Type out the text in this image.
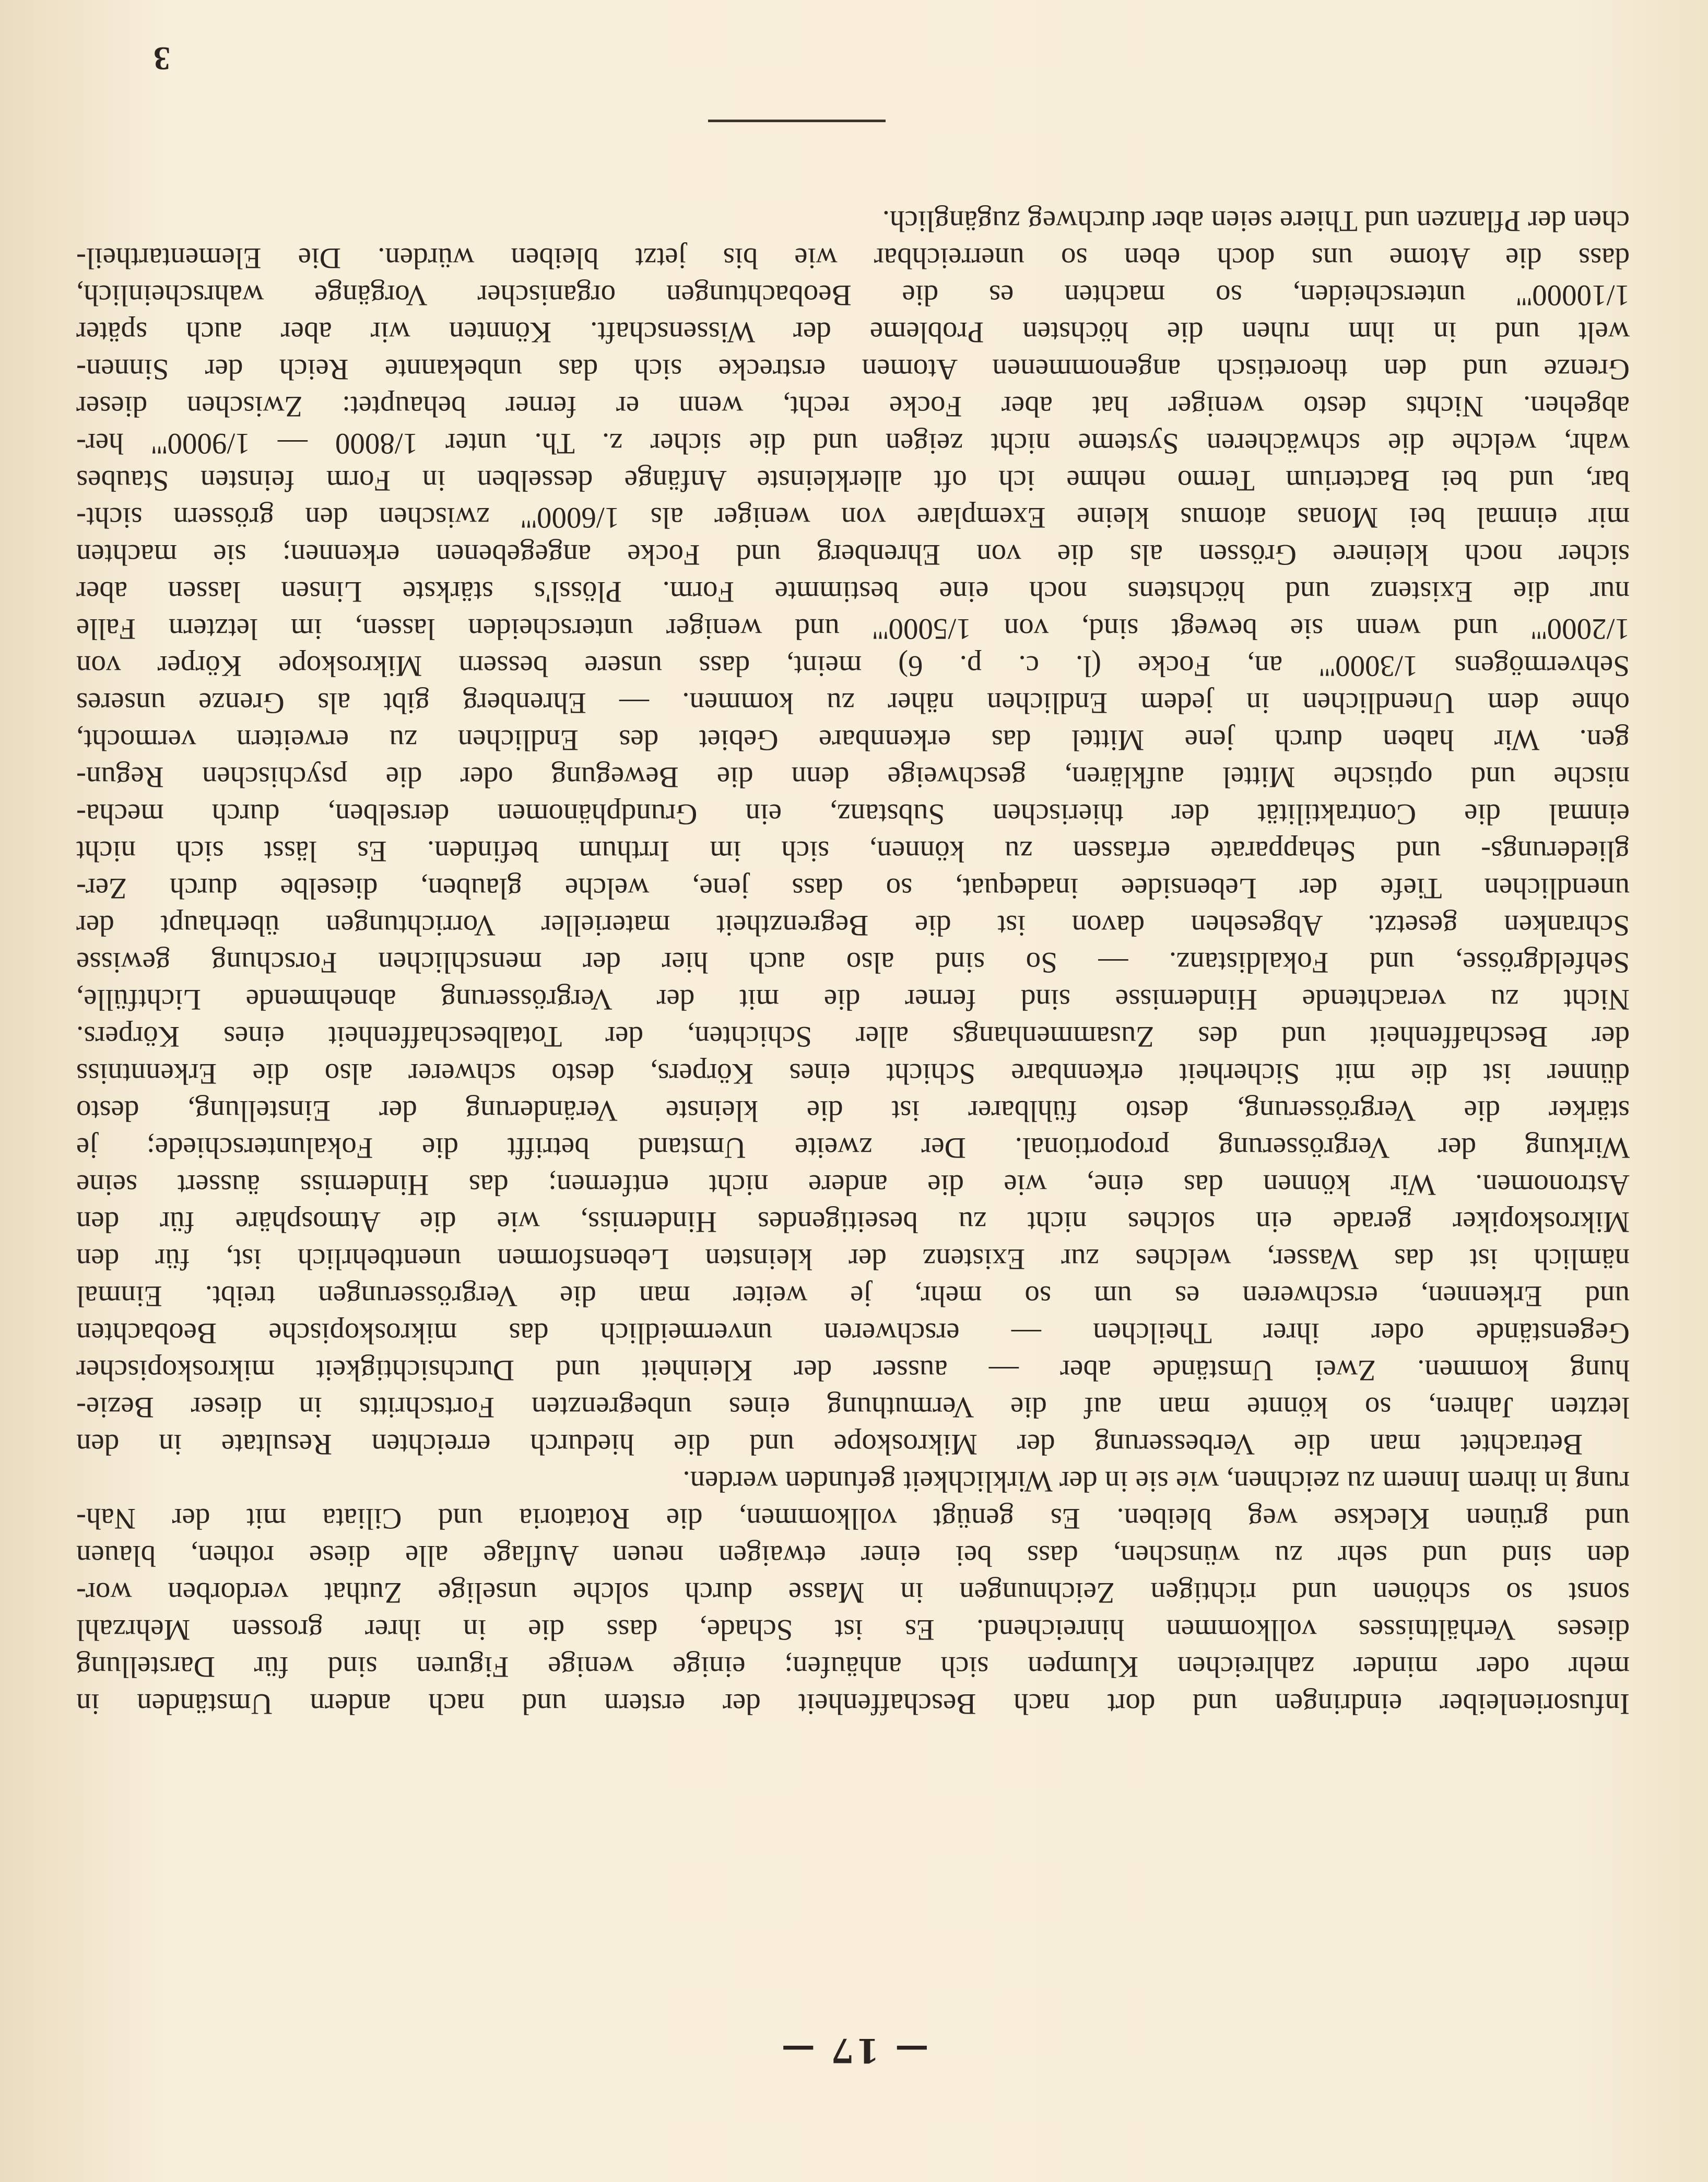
— 17 —
Infusorienleiber eindringen und dort nach Beschaffenheit der erstern und nach andern Umständen in
mehr oder minder zahlreichen Klumpen sich anhäufen; einige wenige Figuren sind für Darstellung
dieses Verhältnisses vollkommen hinreichend. Es ist Schade, dass die in ihrer grossen Mehrzahl
sonst so schönen und richtigen Zeichnungen in Masse durch solche unselige Zuthat verdorben wor-
den sind und sehr zu wünschen, dass bei einer etwaigen neuen Auflage alle diese rothen, blauen
und grünen Kleckse weg bleiben. Es genügt vollkommen, die Rotatoria und Ciliata mit der Nah-
rung in ihrem Innern zu zeichnen, wie sie in der Wirklichkeit gefunden werden.
Betrachtet man die Verbesserung der Mikroskope und die hiedurch erreichten Resultate in den
letzten Jahren, so könnte man auf die Vermuthung eines unbegrenzten Fortschritts in dieser Bezie-
hung kommen. Zwei Umstände aber — ausser der Kleinheit und Durchsichtigkeit mikroskopischer
Gegenstände oder ihrer Theilchen — erschweren unvermeidlich das mikroskopische Beobachten
und Erkennen, erschweren es um so mehr, je weiter man die Vergrösserungen treibt. Einmal
nämlich ist das Wasser, welches zur Existenz der kleinsten Lebensformen unentbehrlich ist, für den
Mikroskopiker gerade ein solches nicht zu beseitigendes Hinderniss, wie die Atmosphäre für den
Astronomen. Wir können das eine, wie die andere nicht entfernen; das Hinderniss äussert seine
Wirkung der Vergrösserung proportional. Der zweite Umstand betrifft die Fokalunterschiede; je
stärker die Vergrösserung, desto fühlbarer ist die kleinste Veränderung der Einstellung, desto
dünner ist die mit Sicherheit erkennbare Schicht eines Körpers, desto schwerer also die Erkenntniss
der Beschaffenheit und des Zusammenhangs aller Schichten, der Totalbeschaffenheit eines Körpers.
Nicht zu verachtende Hindernisse sind ferner die mit der Vergrösserung abnehmende Lichtfülle,
Sehfeldgrösse, und Fokaldistanz. — So sind also auch hier der menschlichen Forschung gewisse
Schranken gesetzt. Abgesehen davon ist die Begrenztheit materieller Vorrichtungen überhaupt der
unendlichen Tiefe der Lebensidee inadequat, so dass jene, welche glauben, dieselbe durch Zer-
gliederungs- und Sehapparate erfassen zu können, sich im Irrthum befinden. Es lässt sich nicht
einmal die Contraktilität der thierischen Substanz, ein Grundphänomen derselben, durch mecha-
nische und optische Mittel aufklären, geschweige denn die Bewegung oder die psychischen Regun-
gen. Wir haben durch jene Mittel das erkennbare Gebiet des Endlichen zu erweitern vermocht,
ohne dem Unendlichen in jedem Endlichen näher zu kommen. — Ehrenberg gibt als Grenze unseres
Sehvermögens 1/3000''' an, Focke (l. c. p. 6) meint, dass unsere bessern Mikroskope Körper von
1/2000''' und wenn sie bewegt sind, von 1/5000''' und weniger unterscheiden lassen, im letztern Falle
nur die Existenz und höchstens noch eine bestimmte Form. Plössl's stärkste Linsen lassen aber
sicher noch kleinere Grössen als die von Ehrenberg und Focke angegebenen erkennen; sie machten
mir einmal bei Monas atomus kleine Exemplare von weniger als 1/6000''' zwischen den grössern sicht-
bar, und bei Bacterium Termo nehme ich oft allerkleinste Anfänge desselben in Form feinsten Staubes
wahr, welche die schwächeren Systeme nicht zeigen und die sicher z. Th. unter 1/8000 — 1/9000''' her-
abgehen. Nichts desto weniger hat aber Focke recht, wenn er ferner behauptet: Zwischen dieser
Grenze und den theoretisch angenommenen Atomen erstrecke sich das unbekannte Reich der Sinnen-
welt und in ihm ruhen die höchsten Probleme der Wissenschaft. Könnten wir aber auch später
1/10000''' unterscheiden, so machten es die Beobachtungen organischer Vorgänge wahrscheinlich,
dass die Atome uns doch eben so unerreichbar wie bis jetzt bleiben würden. Die Elementartheil-
chen der Pflanzen und Thiere seien aber durchweg zugänglich.
3
